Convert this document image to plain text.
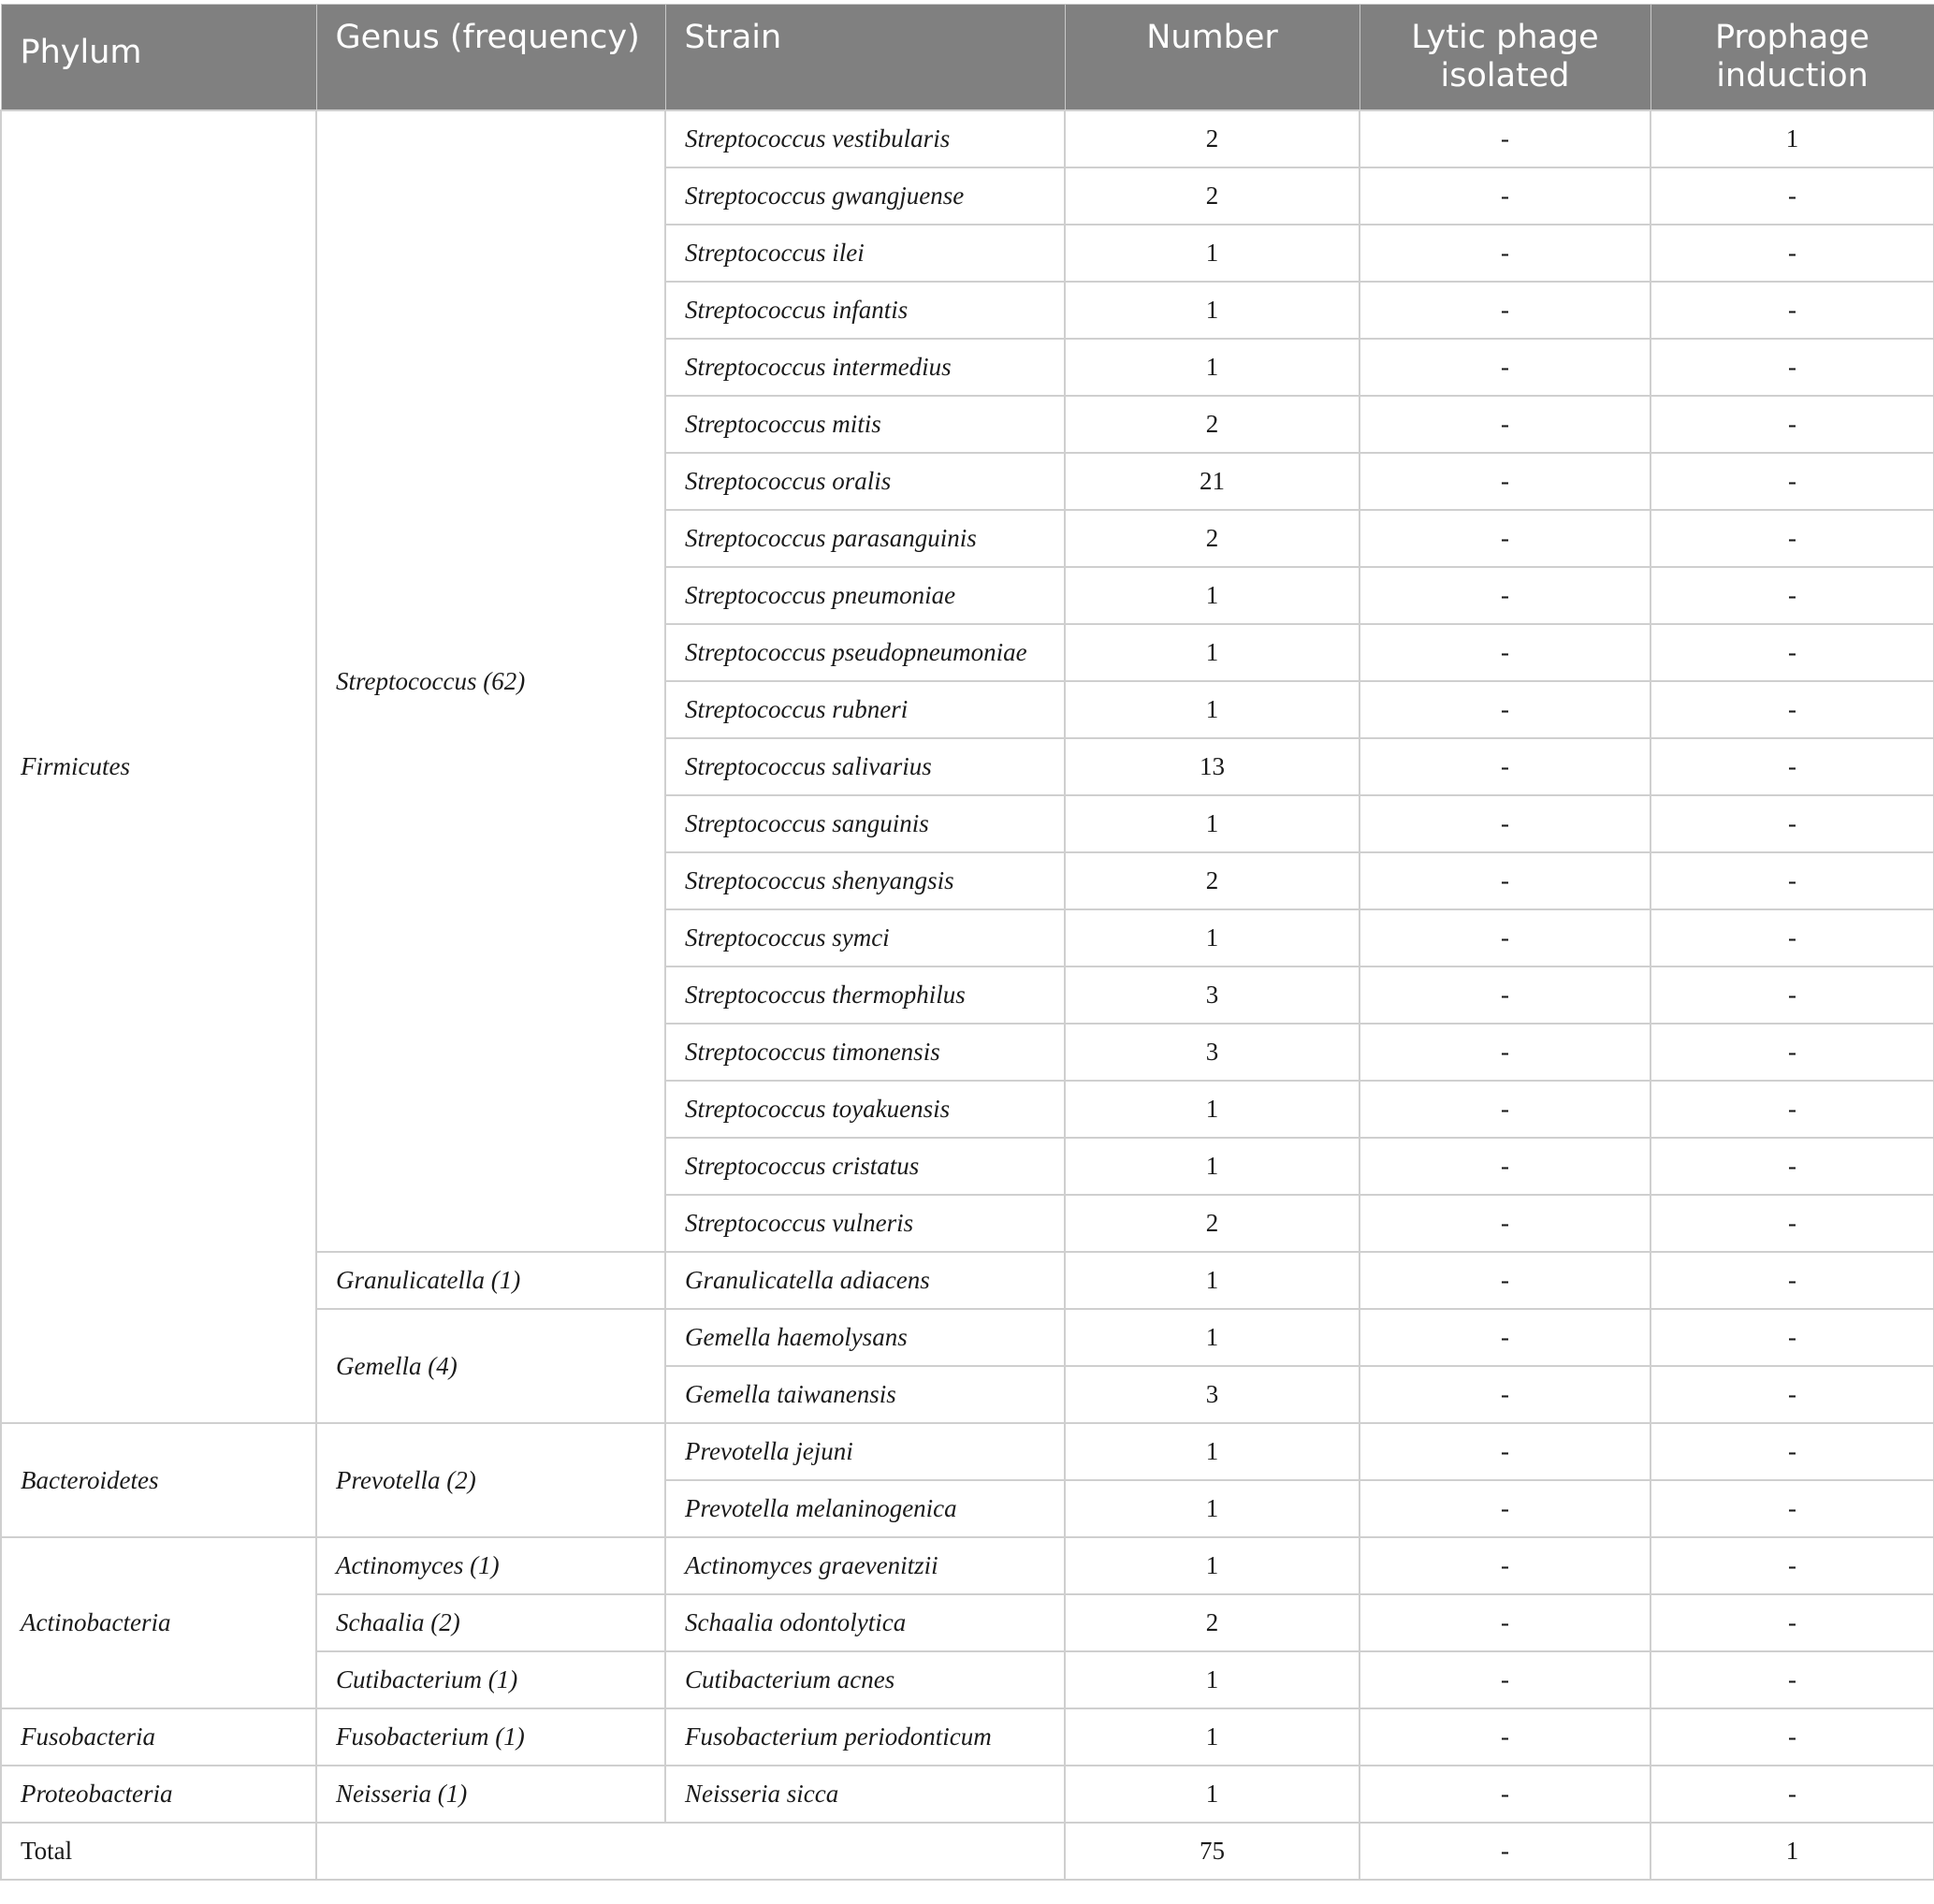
Phylum	Genus (frequency)	Strain	Number	Lytic phage isolated	Prophage induction
Firmicutes	Streptococcus (62)	Streptococcus vestibularis	2	-	1
		Streptococcus gwangjuense	2	-	-
		Streptococcus ilei	1	-	-
		Streptococcus infantis	1	-	-
		Streptococcus intermedius	1	-	-
		Streptococcus mitis	2	-	-
		Streptococcus oralis	21	-	-
		Streptococcus parasanguinis	2	-	-
		Streptococcus pneumoniae	1	-	-
		Streptococcus pseudopneumoniae	1	-	-
		Streptococcus rubneri	1	-	-
		Streptococcus salivarius	13	-	-
		Streptococcus sanguinis	1	-	-
		Streptococcus shenyangsis	2	-	-
		Streptococcus symci	1	-	-
		Streptococcus thermophilus	3	-	-
		Streptococcus timonensis	3	-	-
		Streptococcus toyakuensis	1	-	-
		Streptococcus cristatus	1	-	-
		Streptococcus vulneris	2	-	-
	Granulicatella (1)	Granulicatella adiacens	1	-	-
	Gemella (4)	Gemella haemolysans	1	-	-
		Gemella taiwanensis	3	-	-
Bacteroidetes	Prevotella (2)	Prevotella jejuni	1	-	-
		Prevotella melaninogenica	1	-	-
Actinobacteria	Actinomyces (1)	Actinomyces graevenitzii	1	-	-
	Schaalia (2)	Schaalia odontolytica	2	-	-
	Cutibacterium (1)	Cutibacterium acnes	1	-	-
Fusobacteria	Fusobacterium (1)	Fusobacterium periodonticum	1	-	-
Proteobacteria	Neisseria (1)	Neisseria sicca	1	-	-
Total			75	-	1
